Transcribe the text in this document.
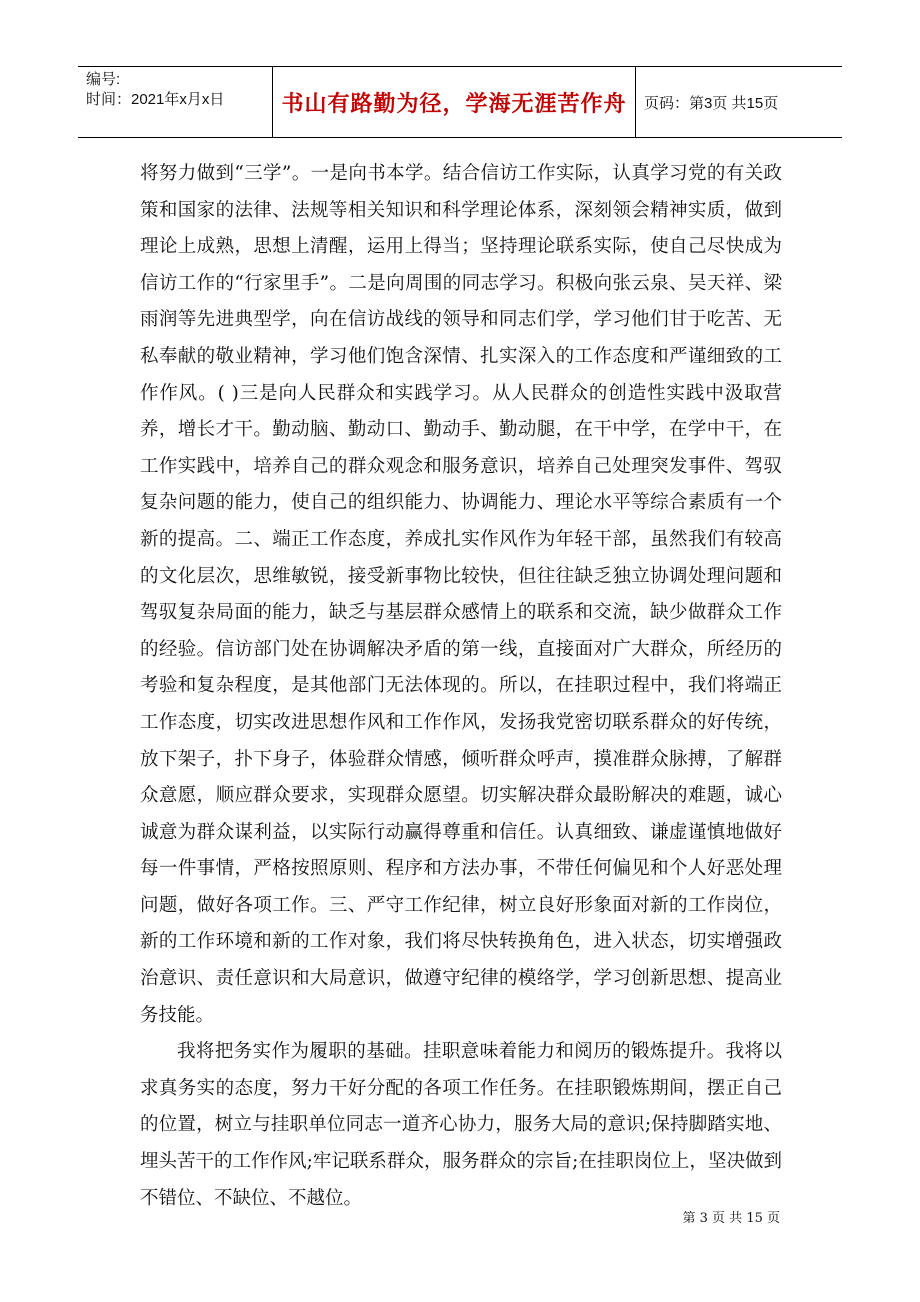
编号:
时间：2021年x月x日	书山有路勤为径，学海无涯苦作舟	页码：第3页 共15页

将努力做到“三学”。一是向书本学。结合信访工作实际，认真学习党的有关政策和国家的法律、法规等相关知识和科学理论体系，深刻领会精神实质，做到理论上成熟，思想上清醒，运用上得当；坚持理论联系实际，使自己尽快成为信访工作的“行家里手”。二是向周围的同志学习。积极向张云泉、吴天祥、梁雨润等先进典型学，向在信访战线的领导和同志们学，学习他们甘于吃苦、无私奉献的敬业精神，学习他们饱含深情、扎实深入的工作态度和严谨细致的工作作风。( )三是向人民群众和实践学习。从人民群众的创造性实践中汲取营养，增长才干。勤动脑、勤动口、勤动手、勤动腿，在干中学，在学中干，在工作实践中，培养自己的群众观念和服务意识，培养自己处理突发事件、驾驭复杂问题的能力，使自己的组织能力、协调能力、理论水平等综合素质有一个新的提高。二、端正工作态度，养成扎实作风作为年轻干部，虽然我们有较高的文化层次，思维敏锐，接受新事物比较快，但往往缺乏独立协调处理问题和驾驭复杂局面的能力，缺乏与基层群众感情上的联系和交流，缺少做群众工作的经验。信访部门处在协调解决矛盾的第一线，直接面对广大群众，所经历的考验和复杂程度，是其他部门无法体现的。所以，在挂职过程中，我们将端正工作态度，切实改进思想作风和工作作风，发扬我党密切联系群众的好传统，放下架子，扑下身子，体验群众情感，倾听群众呼声，摸准群众脉搏，了解群众意愿，顺应群众要求，实现群众愿望。切实解决群众最盼解决的难题，诚心诚意为群众谋利益，以实际行动赢得尊重和信任。认真细致、谦虚谨慎地做好每一件事情，严格按照原则、程序和方法办事，不带任何偏见和个人好恶处理问题，做好各项工作。三、严守工作纪律，树立良好形象面对新的工作岗位，新的工作环境和新的工作对象，我们将尽快转换角色，进入状态，切实增强政治意识、责任意识和大局意识，做遵守纪律的模络学，学习创新思想、提高业务技能。

我将把务实作为履职的基础。挂职意味着能力和阅历的锻炼提升。我将以求真务实的态度，努力干好分配的各项工作任务。在挂职锻炼期间，摆正自己的位置，树立与挂职单位同志一道齐心协力，服务大局的意识;保持脚踏实地、埋头苦干的工作作风;牢记联系群众，服务群众的宗旨;在挂职岗位上，坚决做到不错位、不缺位、不越位。

第 3 页 共 15 页
